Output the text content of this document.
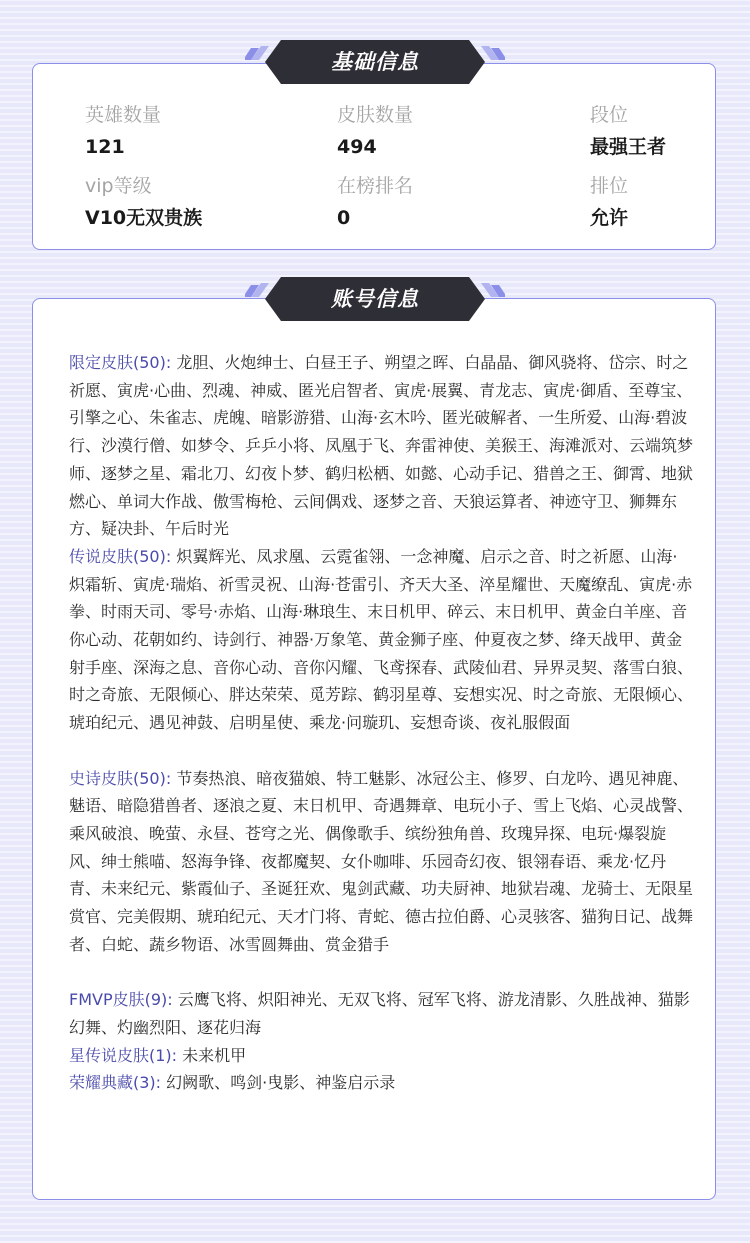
英雄数量
121
皮肤数量
494
段位
最强王者
vip等级
V10无双贵族
在榜排名
0
排位
允许
基础信息

限定皮肤(50): 龙胆、火炮绅士、白昼王子、朔望之晖、白晶晶、御风骁将、岱宗、时之祈愿、寅虎·心曲、烈魂、神威、匿光启智者、寅虎·展翼、青龙志、寅虎·御盾、至尊宝、引擎之心、朱雀志、虎魄、暗影游猎、山海·玄木吟、匿光破解者、一生所爱、山海·碧波行、沙漠行僧、如梦令、乒乒小将、凤凰于飞、奔雷神使、美猴王、海滩派对、云端筑梦师、逐梦之星、霜北刀、幻夜卜梦、鹤归松栖、如懿、心动手记、猎兽之王、御霄、地狱燃心、单词大作战、傲雪梅枪、云间偶戏、逐梦之音、天狼运算者、神迹守卫、狮舞东方、疑决卦、午后时光

传说皮肤(50): 炽翼辉光、凤求凰、云霓雀翎、一念神魔、启示之音、时之祈愿、山海·炽霜斩、寅虎·瑞焰、祈雪灵祝、山海·苍雷引、齐天大圣、淬星耀世、天魔缭乱、寅虎·赤拳、时雨天司、零号·赤焰、山海·琳琅生、末日机甲、碎云、末日机甲、黄金白羊座、音你心动、花朝如约、诗剑行、神器·万象笔、黄金狮子座、仲夏夜之梦、绛天战甲、黄金射手座、深海之息、音你心动、音你闪耀、飞鸢探春、武陵仙君、异界灵契、落雪白狼、时之奇旅、无限倾心、胖达荣荣、觅芳踪、鹤羽星尊、妄想实况、时之奇旅、无限倾心、琥珀纪元、遇见神鼓、启明星使、乘龙·问璇玑、妄想奇谈、夜礼服假面

史诗皮肤(50): 节奏热浪、暗夜猫娘、特工魅影、冰冠公主、修罗、白龙吟、遇见神鹿、魅语、暗隐猎兽者、逐浪之夏、末日机甲、奇遇舞章、电玩小子、雪上飞焰、心灵战警、乘风破浪、晚萤、永昼、苍穹之光、偶像歌手、缤纷独角兽、玫瑰异探、电玩·爆裂旋风、绅士熊喵、怒海争锋、夜都魔契、女仆咖啡、乐园奇幻夜、银翎春语、乘龙·忆丹青、未来纪元、紫霞仙子、圣诞狂欢、鬼剑武藏、功夫厨神、地狱岩魂、龙骑士、无限星赏官、完美假期、琥珀纪元、天才门将、青蛇、德古拉伯爵、心灵骇客、猫狗日记、战舞者、白蛇、蔬乡物语、冰雪圆舞曲、赏金猎手

FMVP皮肤(9): 云鹰飞将、炽阳神光、无双飞将、冠军飞将、游龙清影、久胜战神、猫影幻舞、灼幽烈阳、逐花归海

星传说皮肤(1): 未来机甲

荣耀典藏(3): 幻阙歌、鸣剑·曳影、神鉴启示录

账号信息
